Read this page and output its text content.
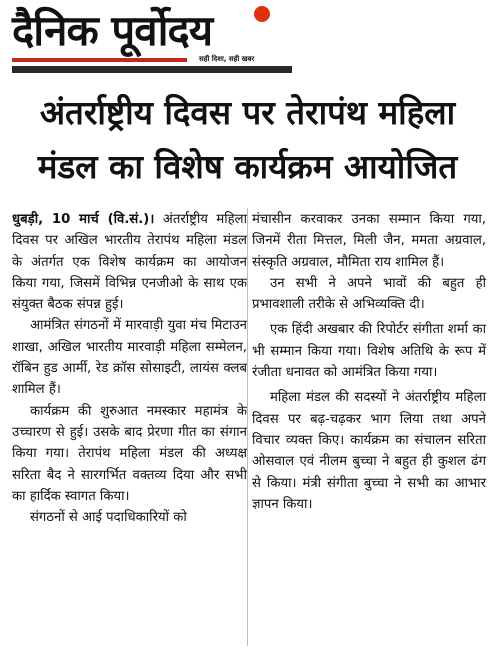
दैनिक पूर्वोदय
सही दिशा, सही खबर
अंतर्राष्ट्रीय दिवस पर तेरापंथ महिला
मंडल का विशेष कार्यक्रम आयोजित

धुबड़ी, 10 मार्च (वि.सं.)। अंतर्राष्ट्रीय महिला दिवस पर अखिल भारतीय तेरापंथ महिला मंडल के अंतर्गत एक विशेष कार्यक्रम का आयोजन किया गया, जिसमें विभिन्न एनजीओ के साथ एक संयुक्त बैठक संपन्न हुई।

आमंत्रित संगठनों में मारवाड़ी युवा मंच मिटाउन शाखा, अखिल भारतीय मारवाड़ी महिला सम्मेलन, रॉबिन हुड आर्मी, रेड क्रॉस सोसाइटी, लायंस क्लब शामिल हैं।

कार्यक्रम की शुरुआत नमस्कार महामंत्र के उच्चारण से हुई। उसके बाद प्रेरणा गीत का संगान किया गया। तेरापंथ महिला मंडल की अध्यक्ष सरिता बैद ने सारगर्भित वक्तव्य दिया और सभी का हार्दिक स्वागत किया।

संगठनों से आई पदाधिकारियों को

मंचासीन करवाकर उनका सम्मान किया गया, जिनमें रीता मित्तल, मिली जैन, ममता अग्रवाल, संस्कृति अग्रवाल, मौमिता राय शामिल हैं।

उन सभी ने अपने भावों की बहुत ही प्रभावशाली तरीके से अभिव्यक्ति दी।

एक हिंदी अखबार की रिपोर्टर संगीता शर्मा का भी सम्मान किया गया। विशेष अतिथि के रूप में रंजीता धनावत को आमंत्रित किया गया।

महिला मंडल की सदस्यों ने अंतर्राष्ट्रीय महिला दिवस पर बढ़-चढ़कर भाग लिया तथा अपने विचार व्यक्त किए। कार्यक्रम का संचालन सरिता ओसवाल एवं नीलम बुच्चा ने बहुत ही कुशल ढंग से किया। मंत्री संगीता बुच्चा ने सभी का आभार ज्ञापन किया।
